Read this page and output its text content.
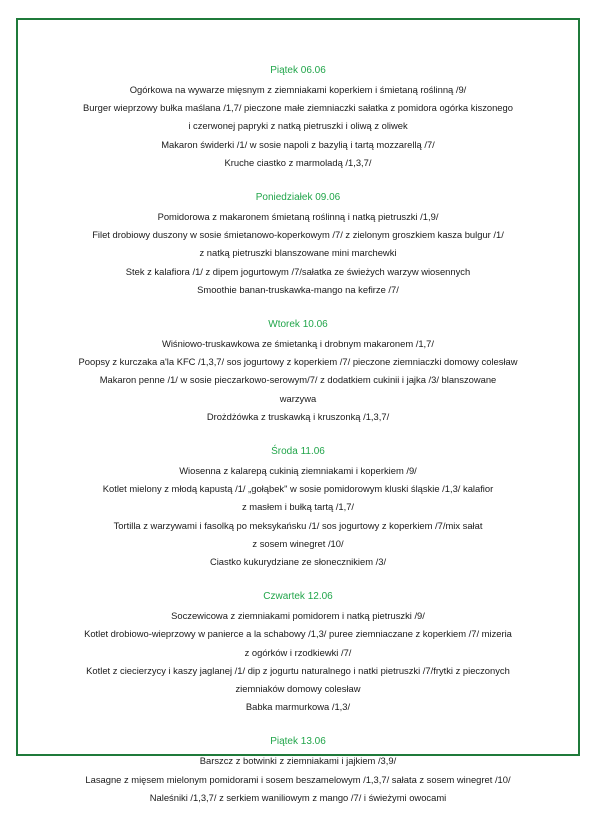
Piątek 06.06
Ogórkowa na wywarze mięsnym z ziemniakami koperkiem i śmietaną roślinną /9/
Burger wieprzowy bułka maślana /1,7/ pieczone małe ziemniaczki sałatka z pomidora ogórka kiszonego
i czerwonej papryki z natką pietruszki i oliwą z oliwek
Makaron świderki /1/ w sosie napoli z bazylią i tartą mozzarellą /7/
Kruche ciastko z marmoladą /1,3,7/
Poniedziałek 09.06
Pomidorowa z makaronem śmietaną roślinną i natką pietruszki /1,9/
Filet drobiowy duszony w sosie śmietanowo-koperkowym /7/ z zielonym groszkiem kasza bulgur /1/
z natką pietruszki blanszowane mini marchewki
Stek z kalafiora /1/ z dipem jogurtowym /7/sałatka ze świeżych warzyw wiosennych
Smoothie banan-truskawka-mango na kefirze /7/
Wtorek 10.06
Wiśniowo-truskawkowa ze śmietanką i drobnym makaronem /1,7/
Poopsy z kurczaka a'la KFC /1,3,7/ sos jogurtowy z koperkiem /7/ pieczone ziemniaczki domowy colesław
Makaron penne /1/ w sosie pieczarkowo-serowym/7/ z dodatkiem cukinii i jajka /3/ blanszowane
warzywa
Drożdżówka z truskawką i kruszonką /1,3,7/
Środa 11.06
Wiosenna z kalarepą cukinią ziemniakami i koperkiem /9/
Kotlet mielony z młodą kapustą /1/ „gołąbek" w sosie pomidorowym kluski śląskie /1,3/ kalafior
z masłem i bułką tartą /1,7/
Tortilla z warzywami i fasolką po meksykańsku /1/ sos jogurtowy z koperkiem /7/mix sałat
z sosem winegret /10/
Ciastko kukurydziane ze słonecznikiem /3/
Czwartek 12.06
Soczewicowa z ziemniakami pomidorem i natką pietruszki /9/
Kotlet drobiowo-wieprzowy w panierce a la schabowy /1,3/ puree ziemniaczane z koperkiem /7/ mizeria
z ogórków i rzodkiewki /7/
Kotlet z ciecierzycy i kaszy jaglanej /1/ dip z jogurtu naturalnego i natki pietruszki /7/frytki z pieczonych
ziemniaków domowy colesław
Babka marmurkowa /1,3/
Piątek 13.06
Barszcz z botwinki z ziemniakami i jajkiem /3,9/
Lasagne z mięsem mielonym pomidorami i sosem beszamelowym /1,3,7/ sałata z sosem winegret /10/
Naleśniki /1,3,7/ z serkiem waniliowym z mango /7/ i świeżymi owocami
